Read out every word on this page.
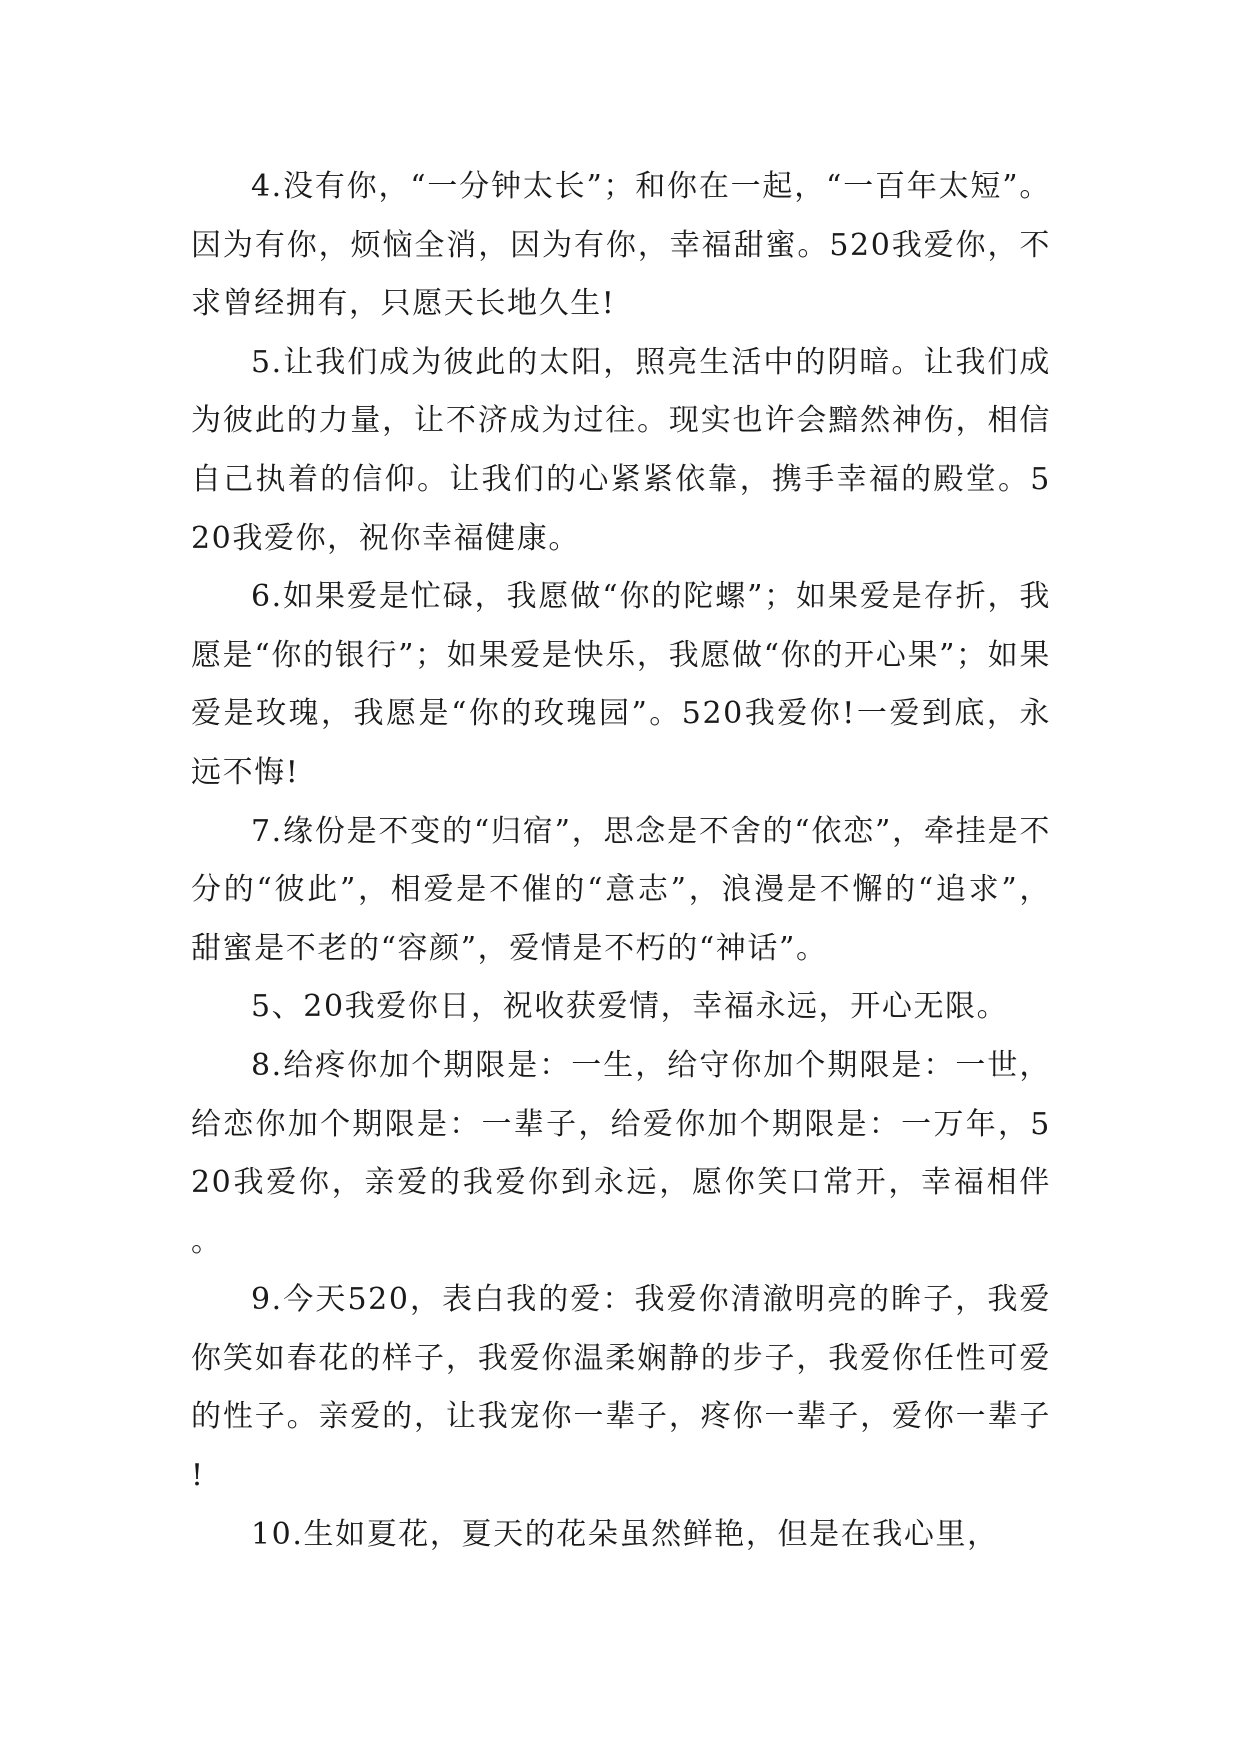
4.没有你，“一分钟太长”；和你在一起，“一百年太短”。因为有你，烦恼全消，因为有你，幸福甜蜜。520我爱你，不求曾经拥有，只愿天长地久生!

5.让我们成为彼此的太阳，照亮生活中的阴暗。让我们成为彼此的力量，让不济成为过往。现实也许会黯然神伤，相信自己执着的信仰。让我们的心紧紧依靠，携手幸福的殿堂。520我爱你，祝你幸福健康。

6.如果爱是忙碌，我愿做“你的陀螺”；如果爱是存折，我愿是“你的银行”；如果爱是快乐，我愿做“你的开心果”；如果爱是玫瑰，我愿是“你的玫瑰园”。520我爱你!一爱到底，永远不悔!

7.缘份是不变的“归宿”，思念是不舍的“依恋”，牵挂是不分的“彼此”，相爱是不催的“意志”，浪漫是不懈的“追求”，甜蜜是不老的“容颜”，爱情是不朽的“神话”。

5、20我爱你日，祝收获爱情，幸福永远，开心无限。

8.给疼你加个期限是：一生，给守你加个期限是：一世，给恋你加个期限是：一辈子，给爱你加个期限是：一万年，520我爱你，亲爱的我爱你到永远，愿你笑口常开，幸福相伴。

9.今天520，表白我的爱：我爱你清澈明亮的眸子，我爱你笑如春花的样子，我爱你温柔娴静的步子，我爱你任性可爱的性子。亲爱的，让我宠你一辈子，疼你一辈子，爱你一辈子!

10.生如夏花，夏天的花朵虽然鲜艳，但是在我心里，
